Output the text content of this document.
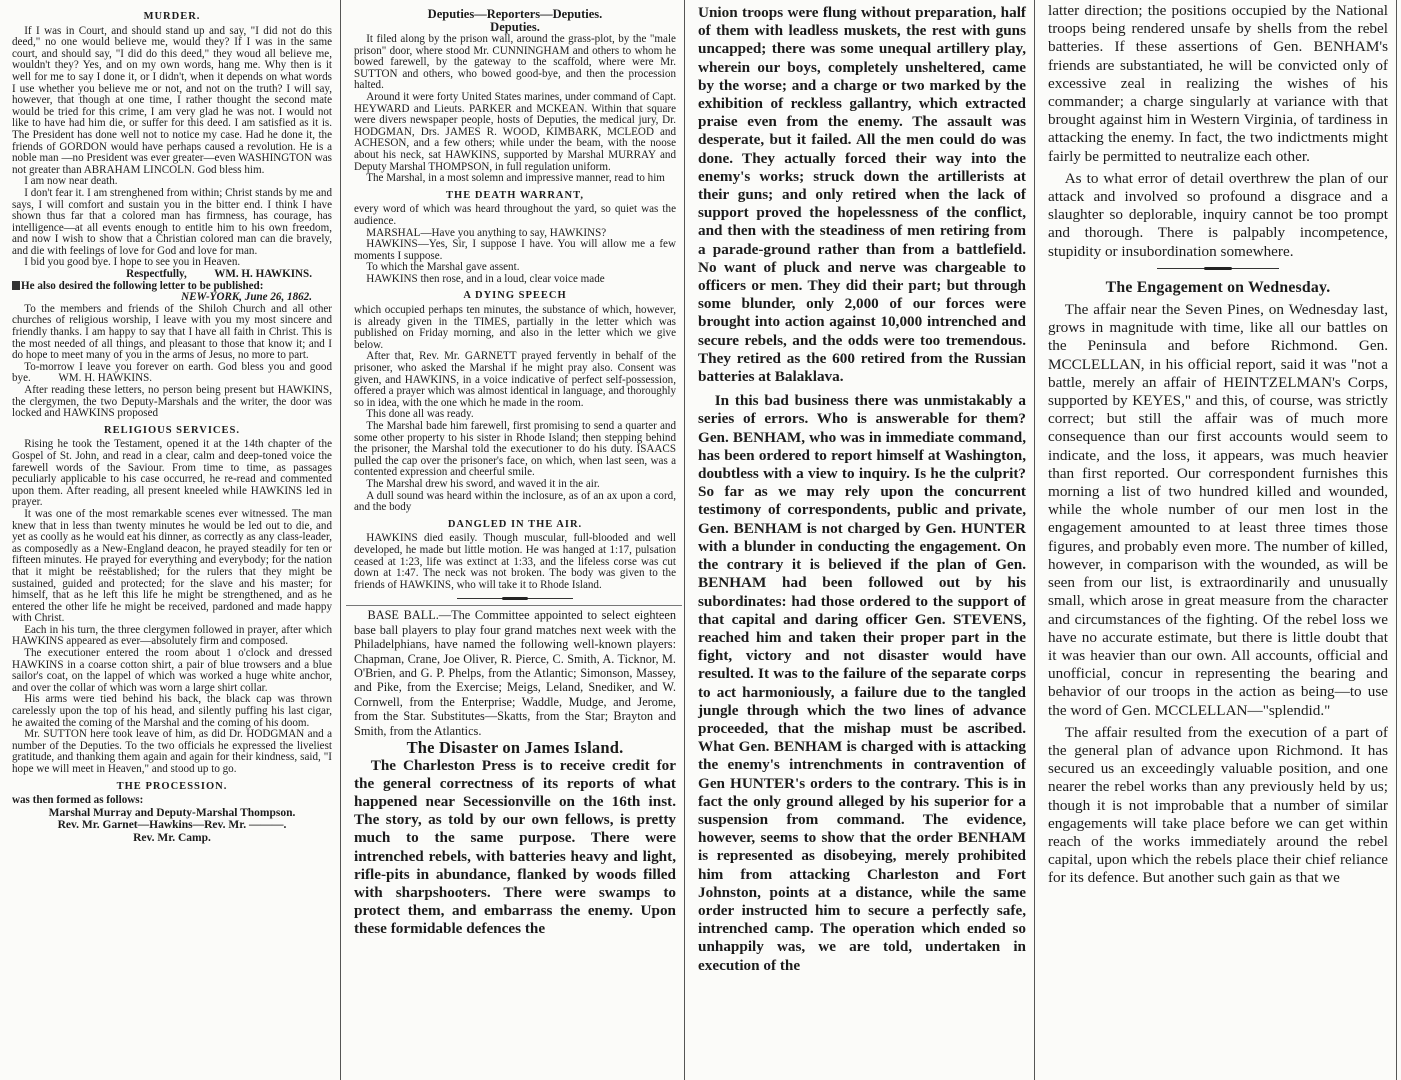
MURDER.

If I was in Court, and should stand up and say, "I did not do this deed," no one would believe me, would they? If I was in the same court, and should say, "I did do this deed," they woud all believe me, wouldn't they? Yes, and on my own words, hang me. Why then is it well for me to say I done it, or I didn't, when it depends on what words I use whether you believe me or not, and not on the truth? I will say, however, that though at one time, I rather thought the second mate would be tried for this crime, I am very glad he was not. I would not like to have had him die, or suffer for this deed. I am satisfied as it is. The President has done well not to notice my case. Had he done it, the friends of GORDON would have perhaps caused a revolution. He is a noble man —no President was ever greater—even WASHINGTON was not greater than ABRAHAM LINCOLN. God bless him.

I am now near death.

I don't fear it. I am strenghened from within; Christ stands by me and says, I will comfort and sustain you in the bitter end. I think I have shown thus far that a colored man has firmness, has courage, has intelligence—at all events enough to entitle him to his own freedom, and now I wish to show that a Christian colored man can die bravely, and die with feelings of love for God and love for man.

I bid you good bye. I hope to see you in Heaven.

Respectfully,          WM. H. HAWKINS.

He also desired the following letter to be published:

NEW-YORK, June 26, 1862.

To the members and friends of the Shiloh Church and all other churches of religious worship, I leave with you my most sincere and friendly thanks. I am happy to say that I have all faith in Christ. This is the most needed of all things, and pleasant to those that know it; and I do hope to meet many of you in the arms of Jesus, no more to part.

To-morrow I leave you forever on earth. God bless you and good bye.          WM. H. HAWKINS.

After reading these letters, no person being present but HAWKINS, the clergymen, the two Deputy-Marshals and the writer, the door was locked and HAWKINS proposed

RELIGIOUS SERVICES.

Rising he took the Testament, opened it at the 14th chapter of the Gospel of St. John, and read in a clear, calm and deep-toned voice the farewell words of the Saviour. From time to time, as passages peculiarly applicable to his case occurred, he re-read and commented upon them. After reading, all present kneeled while HAWKINS led in prayer.

It was one of the most remarkable scenes ever witnessed. The man knew that in less than twenty minutes he would be led out to die, and yet as coolly as he would eat his dinner, as correctly as any class-leader, as composedly as a New-England deacon, he prayed steadily for ten or fifteen minutes. He prayed for everything and everybody; for the nation that it might be reëstablished; for the rulers that they might be sustained, guided and protected; for the slave and his master; for himself, that as he left this life he might be strengthened, and as he entered the other life he might be received, pardoned and made happy with Christ.

Each in his turn, the three clergymen followed in prayer, after which HAWKINS appeared as ever—absolutely firm and composed.

The executioner entered the room about 1 o'clock and dressed HAWKINS in a coarse cotton shirt, a pair of blue trowsers and a blue sailor's coat, on the lappel of which was worked a huge white anchor, and over the collar of which was worn a large shirt collar.

His arms were tied behind his back, the black cap was thrown carelessly upon the top of his head, and silently puffing his last cigar, he awaited the coming of the Marshal and the coming of his doom.

Mr. SUTTON here took leave of him, as did Dr. HODGMAN and a number of the Deputies. To the two officials he expressed the liveliest gratitude, and thanking them again and again for their kindness, said, "I hope we will meet in Heaven," and stood up to go.

THE PROCESSION.

was then formed as follows:

Marshal Murray and Deputy-Marshal Thompson.
Rev. Mr. Garnet—Hawkins—Rev. Mr. ———.
Rev. Mr. Camp.
Deputies—Reporters—Deputies.
Deputies.

It filed along by the prison wall, around the grass-plot, by the "male prison" door, where stood Mr. CUNNINGHAM and others to whom he bowed farewell, by the gateway to the scaffold, where were Mr. SUTTON and others, who bowed good-bye, and then the procession halted.

Around it were forty United States marines, under command of Capt. HEYWARD and Lieuts. PARKER and MCKEAN. Within that square were divers newspaper people, hosts of Deputies, the medical jury, Dr. HODGMAN, Drs. JAMES R. WOOD, KIMBARK, MCLEOD and ACHESON, and a few others; while under the beam, with the noose about his neck, sat HAWKINS, supported by Marshal MURRAY and Deputy Marshal THOMPSON, in full regulation uniform.

The Marshal, in a most solemn and impressive manner, read to him

THE DEATH WARRANT,

every word of which was heard throughout the yard, so quiet was the audience.

MARSHAL—Have you anything to say, HAWKINS?

HAWKINS—Yes, Sir, I suppose I have. You will allow me a few moments I suppose.

To which the Marshal gave assent.

HAWKINS then rose, and in a loud, clear voice made

A DYING SPEECH

which occupied perhaps ten minutes, the substance of which, however, is already given in the TIMES, partially in the letter which was published on Friday morning, and also in the letter which we give below.

After that, Rev. Mr. GARNETT prayed fervently in behalf of the prisoner, who asked the Marshal if he might pray also. Consent was given, and HAWKINS, in a voice indicative of perfect self-possession, offered a prayer which was almost identical in language, and thoroughly so in idea, with the one which he made in the room.

This done all was ready.

The Marshal bade him farewell, first promising to send a quarter and some other property to his sister in Rhode Island; then stepping behind the prisoner, the Marshal told the executioner to do his duty. ISAACS pulled the cap over the prisoner's face, on which, when last seen, was a contented expression and cheerful smile.

The Marshal drew his sword, and waved it in the air.

A dull sound was heard within the inclosure, as of an ax upon a cord, and the body

DANGLED IN THE AIR.

HAWKINS died easily. Though muscular, full-blooded and well developed, he made but little motion. He was hanged at 1:17, pulsation ceased at 1:23, life was extinct at 1:33, and the lifeless corse was cut down at 1:47. The neck was not broken. The body was given to the friends of HAWKINS, who will take it to Rhode Island.

BASE BALL.—The Committee appointed to select eighteen base ball players to play four grand matches next week with the Philadelphians, have named the following well-known players: Chapman, Crane, Joe Oliver, R. Pierce, C. Smith, A. Ticknor, M. O'Brien, and G. P. Phelps, from the Atlantic; Simonson, Massey, and Pike, from the Exercise; Meigs, Leland, Snediker, and W. Cornwell, from the Enterprise; Waddle, Mudge, and Jerome, from the Star. Substitutes—Skatts, from the Star; Brayton and Smith, from the Atlantics.

The Disaster on James Island.

The Charleston Press is to receive credit for the general correctness of its reports of what happened near Secessionville on the 16th inst. The story, as told by our own fellows, is pretty much to the same purpose. There were intrenched rebels, with batteries heavy and light, rifle-pits in abundance, flanked by woods filled with sharpshooters. There were swamps to protect them, and embarrass the enemy. Upon these formidable defences the

Union troops were flung without preparation, half of them with leadless muskets, the rest with guns uncapped; there was some unequal artillery play, wherein our boys, completely unsheltered, came by the worse; and a charge or two marked by the exhibition of reckless gallantry, which extracted praise even from the enemy. The assault was desperate, but it failed. All the men could do was done. They actually forced their way into the enemy's works; struck down the artillerists at their guns; and only retired when the lack of support proved the hopelessness of the conflict, and then with the steadiness of men retiring from a parade-ground rather than from a battlefield. No want of pluck and nerve was chargeable to officers or men. They did their part; but through some blunder, only 2,000 of our forces were brought into action against 10,000 intrenched and secure rebels, and the odds were too tremendous. They retired as the 600 retired from the Russian batteries at Balaklava.

In this bad business there was unmistakably a series of errors. Who is answerable for them? Gen. BENHAM, who was in immediate command, has been ordered to report himself at Washington, doubtless with a view to inquiry. Is he the culprit? So far as we may rely upon the concurrent testimony of correspondents, public and private, Gen. BENHAM is not charged by Gen. HUNTER with a blunder in conducting the engagement. On the contrary it is believed if the plan of Gen. BENHAM had been followed out by his subordinates: had those ordered to the support of that capital and daring officer Gen. STEVENS, reached him and taken their proper part in the fight, victory and not disaster would have resulted. It was to the failure of the separate corps to act harmoniously, a failure due to the tangled jungle through which the two lines of advance proceeded, that the mishap must be ascribed. What Gen. BENHAM is charged with is attacking the enemy's intrenchments in contravention of Gen HUNTER's orders to the contrary. This is in fact the only ground alleged by his superior for a suspension from command. The evidence, however, seems to show that the order BENHAM is represented as disobeying, merely prohibited him from attacking Charleston and Fort Johnston, points at a distance, while the same order instructed him to secure a perfectly safe, intrenched camp. The operation which ended so unhappily was, we are told, undertaken in execution of the

latter direction; the positions occupied by the National troops being rendered unsafe by shells from the rebel batteries. If these assertions of Gen. BENHAM's friends are substantiated, he will be convicted only of excessive zeal in realizing the wishes of his commander; a charge singularly at variance with that brought against him in Western Virginia, of tardiness in attacking the enemy. In fact, the two indictments might fairly be permitted to neutralize each other.

As to what error of detail overthrew the plan of our attack and involved so profound a disgrace and a slaughter so deplorable, inquiry cannot be too prompt and thorough. There is palpably incompetence, stupidity or insubordination somewhere.

The Engagement on Wednesday.

The affair near the Seven Pines, on Wednesday last, grows in magnitude with time, like all our battles on the Peninsula and before Richmond. Gen. MCCLELLAN, in his official report, said it was "not a battle, merely an affair of HEINTZELMAN's Corps, supported by KEYES," and this, of course, was strictly correct; but still the affair was of much more consequence than our first accounts would seem to indicate, and the loss, it appears, was much heavier than first reported. Our correspondent furnishes this morning a list of two hundred killed and wounded, while the whole number of our men lost in the engagement amounted to at least three times those figures, and probably even more. The number of killed, however, in comparison with the wounded, as will be seen from our list, is extraordinarily and unusually small, which arose in great measure from the character and circumstances of the fighting. Of the rebel loss we have no accurate estimate, but there is little doubt that it was heavier than our own. All accounts, official and unofficial, concur in representing the bearing and behavior of our troops in the action as being—to use the word of Gen. MCCLELLAN—"splendid."

The affair resulted from the execution of a part of the general plan of advance upon Richmond. It has secured us an exceedingly valuable position, and one nearer the rebel works than any previously held by us; though it is not improbable that a number of similar engagements will take place before we can get within reach of the works immediately around the rebel capital, upon which the rebels place their chief reliance for its defence. But another such gain as that we
